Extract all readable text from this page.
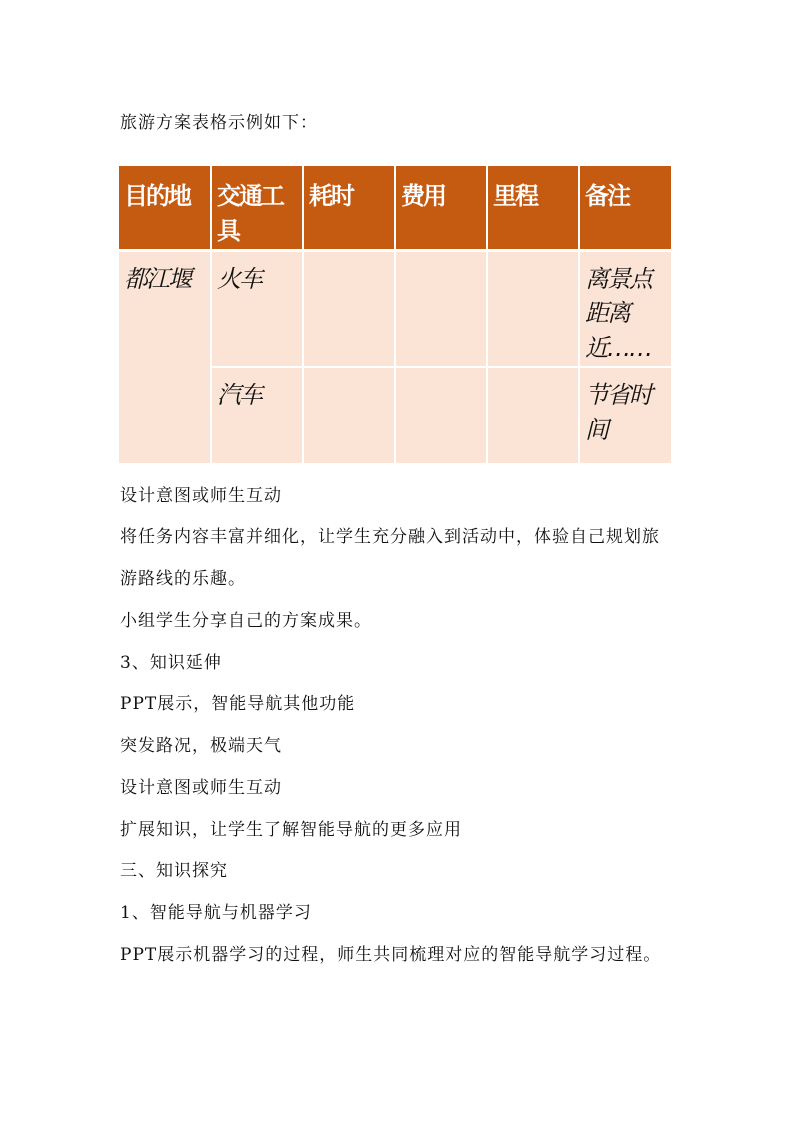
旅游方案表格示例如下：
目的地	交通工具	耗时	费用	里程	备注
都江堰	火车				离景点距离近……
	汽车				节省时间
设计意图或师生互动
将任务内容丰富并细化，让学生充分融入到活动中，体验自己规划旅
游路线的乐趣。
小组学生分享自己的方案成果。
3、知识延伸
PPT展示，智能导航其他功能
突发路况，极端天气
设计意图或师生互动
扩展知识，让学生了解智能导航的更多应用
三、知识探究
1、智能导航与机器学习
PPT展示机器学习的过程，师生共同梳理对应的智能导航学习过程。
